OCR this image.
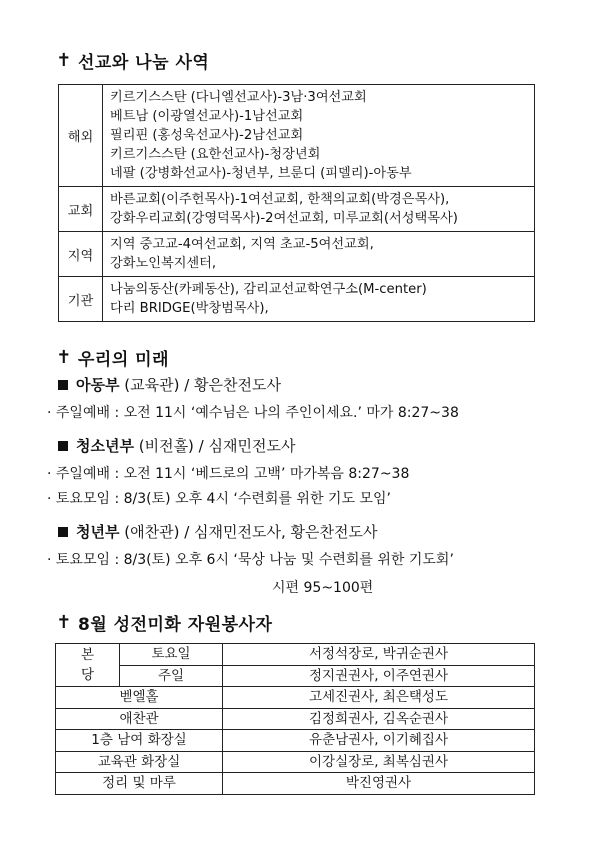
✝ 선교와 나눔 사역
해외	키르기스스탄 (다니엘선교사)-3남·3여선교회
베트남 (이광열선교사)-1남선교회
필리핀 (홍성욱선교사)-2남선교회
키르기스스탄 (요한선교사)-청장년회
네팔 (강병화선교사)-청년부, 브룬디 (피델리)-아동부

교회	바른교회(이주헌목사)-1여선교회, 한책의교회(박경은목사),
강화우리교회(강영덕목사)-2여선교회, 미루교회(서성택목사)

지역	지역 중고교-4여선교회, 지역 초교-5여선교회,
강화노인복지센터,

기관	나눔의동산(카페동산), 감리교선교학연구소(M-center)
다리 BRIDGE(박창범목사),
✝ 우리의 미래
아동부 (교육관) / 황은찬전도사
· 주일예배 : 오전 11시 ‘예수님은 나의 주인이세요.’ 마가 8:27~38
청소년부 (비전홀) / 심재민전도사
· 주일예배 : 오전 11시 ‘베드로의 고백’ 마가복음 8:27~38
· 토요모임 : 8/3(토) 오후 4시 ‘수련회를 위한 기도 모임’
청년부 (애찬관) / 심재민전도사, 황은찬전도사
· 토요모임 : 8/3(토) 오후 6시 ‘묵상 나눔 및 수련회를 위한 기도회’
시편 95~100편
✝ 8월 성전미화 자원봉사자
본
당	토요일	서정석장로, 박귀순권사
	주일	정지권권사, 이주연권사
벧엘홀		고세진권사, 최은택성도
애찬관		김정희권사, 김옥순권사
1층 남여 화장실		유춘남권사, 이기혜집사
교육관 화장실		이강실장로, 최복심권사
정리 및 마루		박진영권사
